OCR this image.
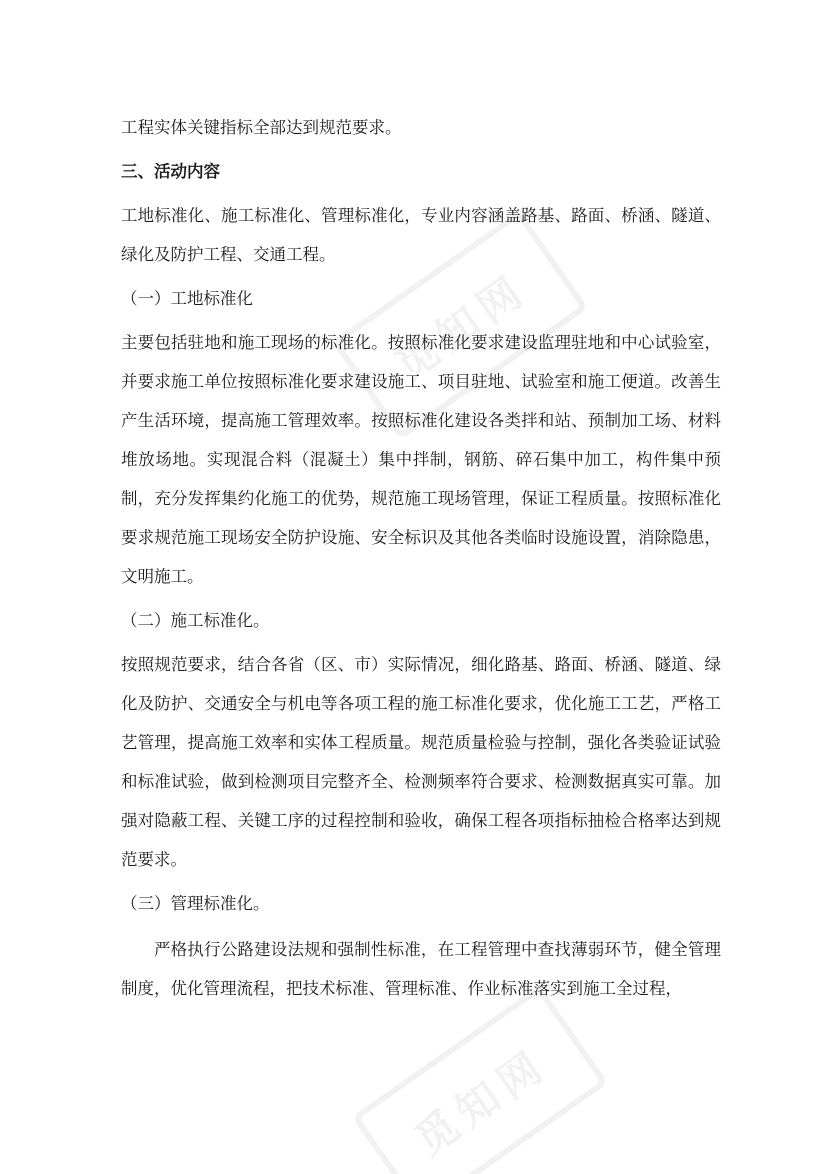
觅知网
觅知网

工程实体关键指标全部达到规范要求。

三、活动内容

工地标准化、施工标准化、管理标准化，专业内容涵盖路基、路面、桥涵、隧道、绿化及防护工程、交通工程。

（一）工地标准化

主要包括驻地和施工现场的标准化。按照标准化要求建设监理驻地和中心试验室，并要求施工单位按照标准化要求建设施工、项目驻地、试验室和施工便道。改善生产生活环境，提高施工管理效率。按照标准化建设各类拌和站、预制加工场、材料堆放场地。实现混合料（混凝土）集中拌制，钢筋、碎石集中加工，构件集中预制，充分发挥集约化施工的优势，规范施工现场管理，保证工程质量。按照标准化要求规范施工现场安全防护设施、安全标识及其他各类临时设施设置，消除隐患，文明施工。

（二）施工标准化。

按照规范要求，结合各省（区、市）实际情况，细化路基、路面、桥涵、隧道、绿化及防护、交通安全与机电等各项工程的施工标准化要求，优化施工工艺，严格工艺管理，提高施工效率和实体工程质量。规范质量检验与控制，强化各类验证试验和标准试验，做到检测项目完整齐全、检测频率符合要求、检测数据真实可靠。加强对隐蔽工程、关键工序的过程控制和验收，确保工程各项指标抽检合格率达到规范要求。

（三）管理标准化。

严格执行公路建设法规和强制性标准，在工程管理中查找薄弱环节，健全管理制度，优化管理流程，把技术标准、管理标准、作业标准落实到施工全过程，
